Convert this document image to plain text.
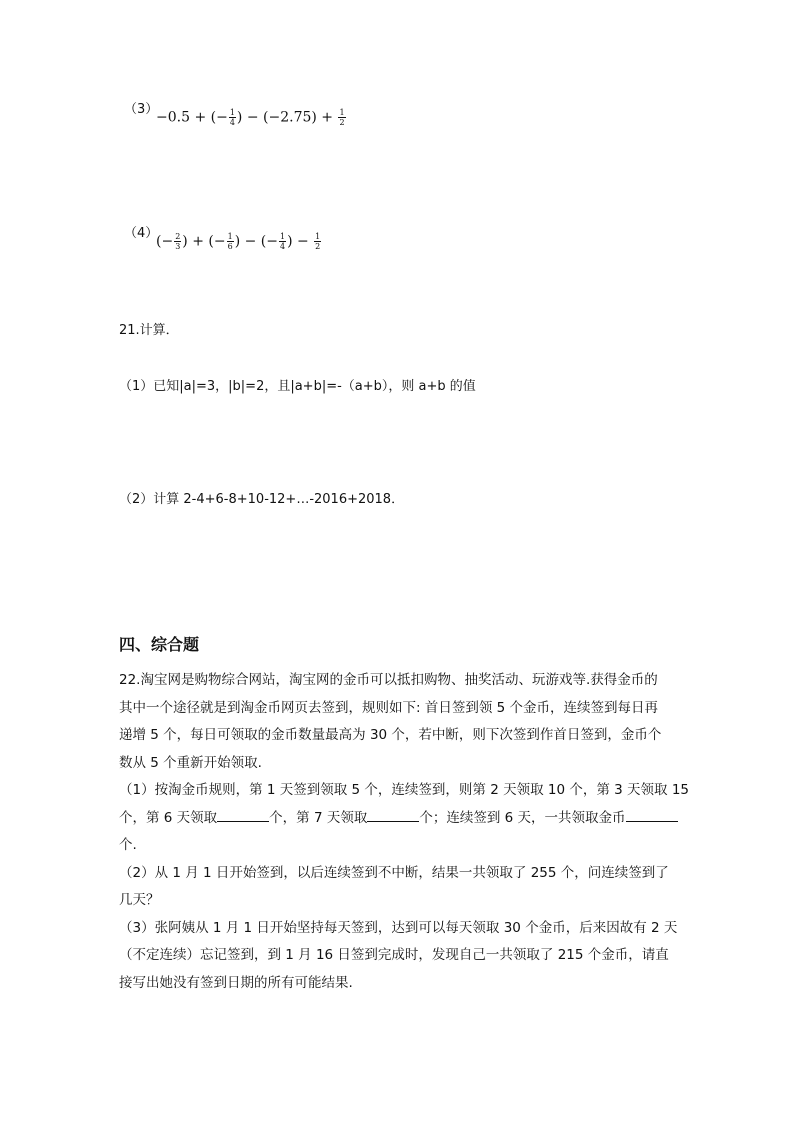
（3）
−0.5 + (− $\frac{1}{4}$ ) − $(-2.75) + \frac{1}{2}$
（4）
(− $\frac{2}{3}$ ) + (− $\frac{1}{6}$ ) − (− $\frac{1}{4}$ ) − $\frac{1}{2}$
21.计算．
（1）已知|a|=3，|b|=2，且|a+b|=-（a+b），则 a+b 的值
（2）计算 2-4+6-8+10-12+…-2016+2018．
四、综合题
22.淘宝网是购物综合网站，淘宝网的金币可以抵扣购物、抽奖活动、玩游戏等.获得金币的
其中一个途径就是到淘金币网页去签到，规则如下: 首日签到领 5 个金币，连续签到每日再
递增 5 个，每日可领取的金币数量最高为 30 个，若中断，则下次签到作首日签到，金币个
数从 5 个重新开始领取.
（1）按淘金币规则，第 1 天签到领取 5 个，连续签到，则第 2 天领取 10 个，第 3 天领取 15
个，第 6 天领取	个，第 7 天领取	个；连续签到 6 天，一共领取金币
个.
（2）从 1 月 1 日开始签到，以后连续签到不中断，结果一共领取了 255 个，问连续签到了
几天？
（3）张阿姨从 1 月 1 日开始坚持每天签到，达到可以每天领取 30 个金币，后来因故有 2 天
（不定连续）忘记签到，到 1 月 16 日签到完成时，发现自己一共领取了 215 个金币，请直
接写出她没有签到日期的所有可能结果.
